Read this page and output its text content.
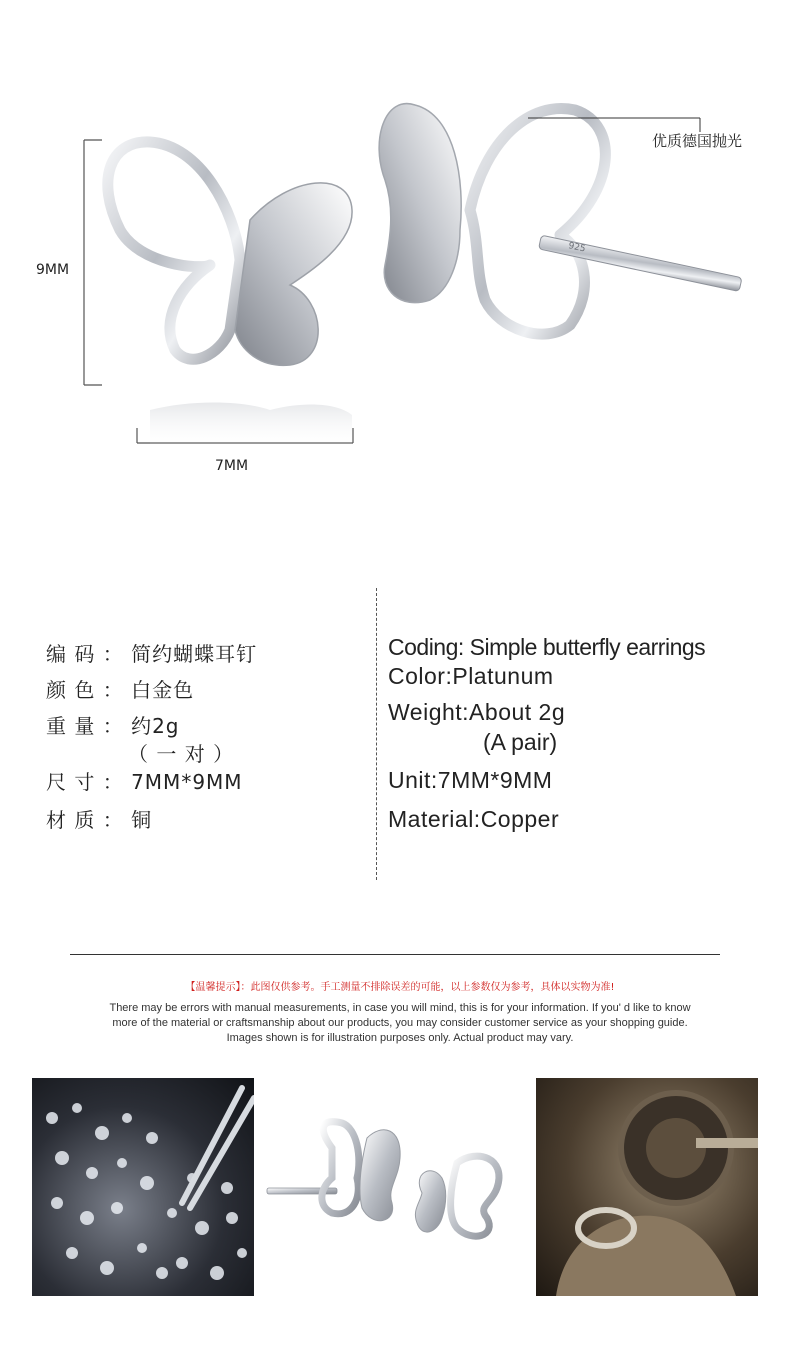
925
9MM
7MM
优质德国抛光
编 码 ： 简约蝴蝶耳钉
颜 色 ： 白金色
重 量 ： 约2g
（ 一 对 ）
尺 寸 ： 7MM*9MM
材 质 ： 铜
Coding: Simple butterfly earrings
Color:Platunum
Weight:About 2g
(A pair)
Unit:7MM*9MM
Material:Copper
【温馨提示】：此图仅供参考。手工测量不排除误差的可能，以上参数仅为参考，具体以实物为准!
There may be errors with manual measurements, in case you will mind, this is for your information. If you' d like to know more of the material or craftsmanship about our products, you may consider customer service as your shopping guide. Images shown is for illustration purposes only. Actual product may vary.
